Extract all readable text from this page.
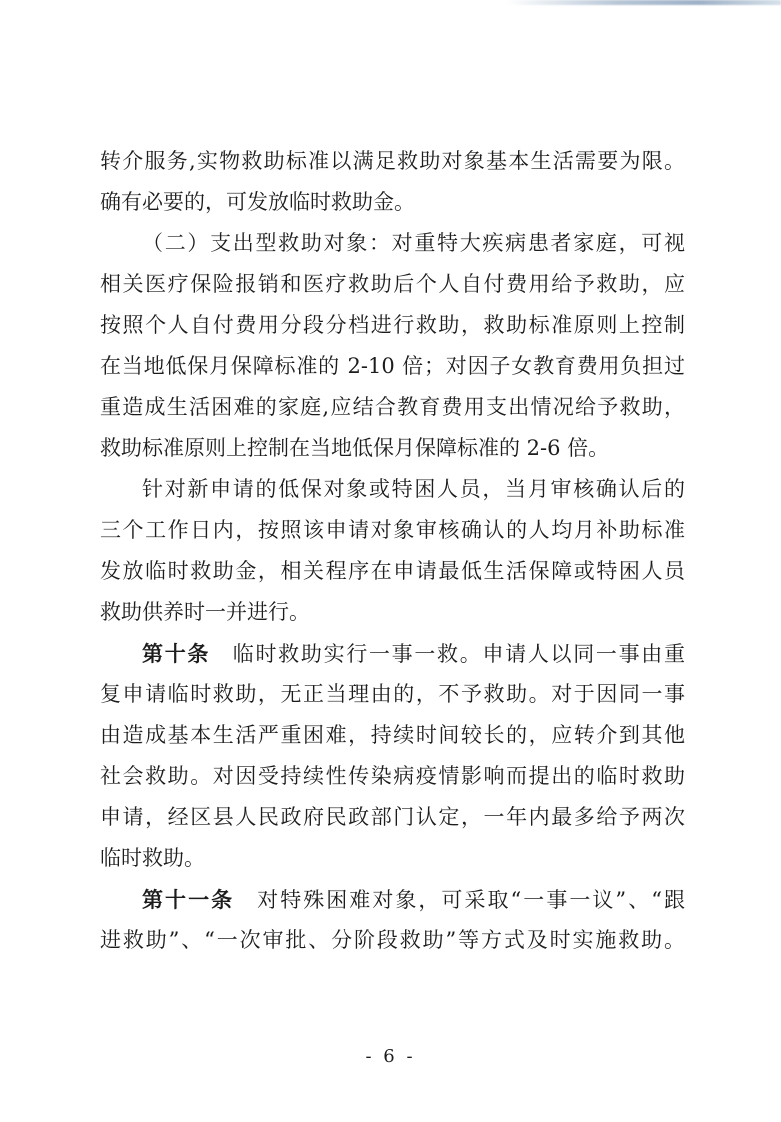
转介服务,实物救助标准以满足救助对象基本生活需要为限。
确有必要的，可发放临时救助金。
（二）支出型救助对象：对重特大疾病患者家庭，可视
相关医疗保险报销和医疗救助后个人自付费用给予救助，应
按照个人自付费用分段分档进行救助，救助标准原则上控制
在当地低保月保障标准的 2-10 倍；对因子女教育费用负担过
重造成生活困难的家庭,应结合教育费用支出情况给予救助，
救助标准原则上控制在当地低保月保障标准的 2-6 倍。
针对新申请的低保对象或特困人员，当月审核确认后的
三个工作日内，按照该申请对象审核确认的人均月补助标准
发放临时救助金，相关程序在申请最低生活保障或特困人员
救助供养时一并进行。
第十条　临时救助实行一事一救。申请人以同一事由重
复申请临时救助，无正当理由的，不予救助。对于因同一事
由造成基本生活严重困难，持续时间较长的，应转介到其他
社会救助。对因受持续性传染病疫情影响而提出的临时救助
申请，经区县人民政府民政部门认定，一年内最多给予两次
临时救助。
第十一条　对特殊困难对象，可采取“一事一议”、“跟
进救助”、“一次审批、分阶段救助”等方式及时实施救助。
- 6 -
